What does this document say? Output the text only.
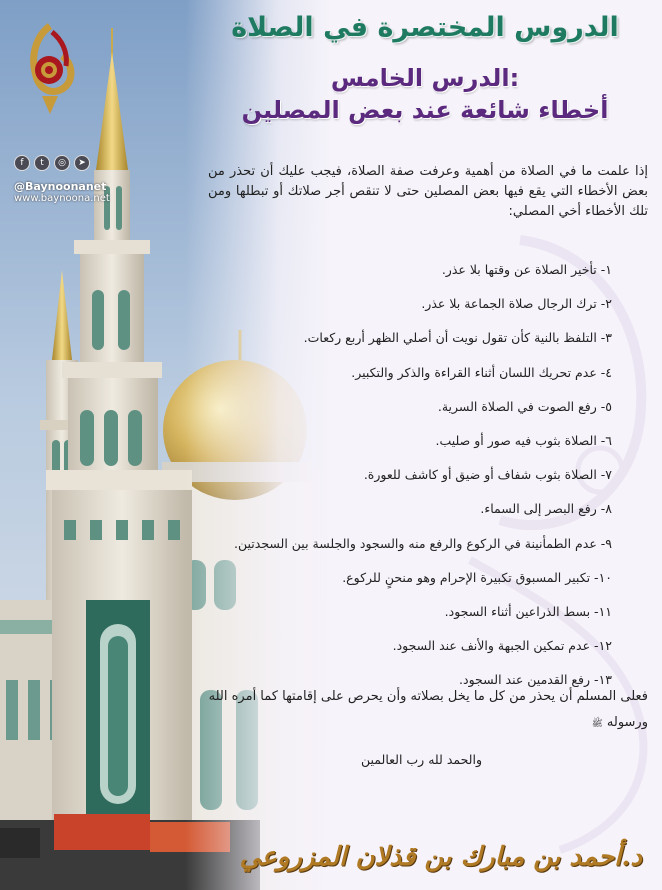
f	t	◎	➤
@Baynoonanet
www.baynoona.net
الدروس المختصرة في الصلاة
الدرس الخامس:
أخطاء شائعة عند بعض المصلين
إذا علمت ما في الصلاة من أهمية وعرفت صفة الصلاة، فيجب عليك أن تحذر من بعض الأخطاء التي يقع فيها بعض المصلين حتى لا تنقص أجر صلاتك أو تبطلها ومن تلك الأخطاء أخي المصلي:
١- تأخير الصلاة عن وقتها بلا عذر.
٢- ترك الرجال صلاة الجماعة بلا عذر.
٣- التلفظ بالنية كأن تقول نويت أن أصلي الظهر أربع ركعات.
٤- عدم تحريك اللسان أثناء القراءة والذكر والتكبير.
٥- رفع الصوت في الصلاة السرية.
٦- الصلاة بثوب فيه صور أو صليب.
٧- الصلاة بثوب شفاف أو ضيق أو كاشف للعورة.
٨- رفع البصر إلى السماء.
٩- عدم الطمأنينة في الركوع والرفع منه والسجود والجلسة بين السجدتين.
١٠- تكبير المسبوق تكبيرة الإحرام وهو منحنٍ للركوع.
١١- بسط الذراعين أثناء السجود.
١٢- عدم تمكين الجبهة والأنف عند السجود.
١٣- رفع القدمين عند السجود.
فعلى المسلم أن يحذر من كل ما يخل بصلاته وأن يحرص على إقامتها كما أمره الله ورسوله ﷺ
والحمد لله رب العالمين
د.أحمد بن مبارك بن قذلان المزروعي
